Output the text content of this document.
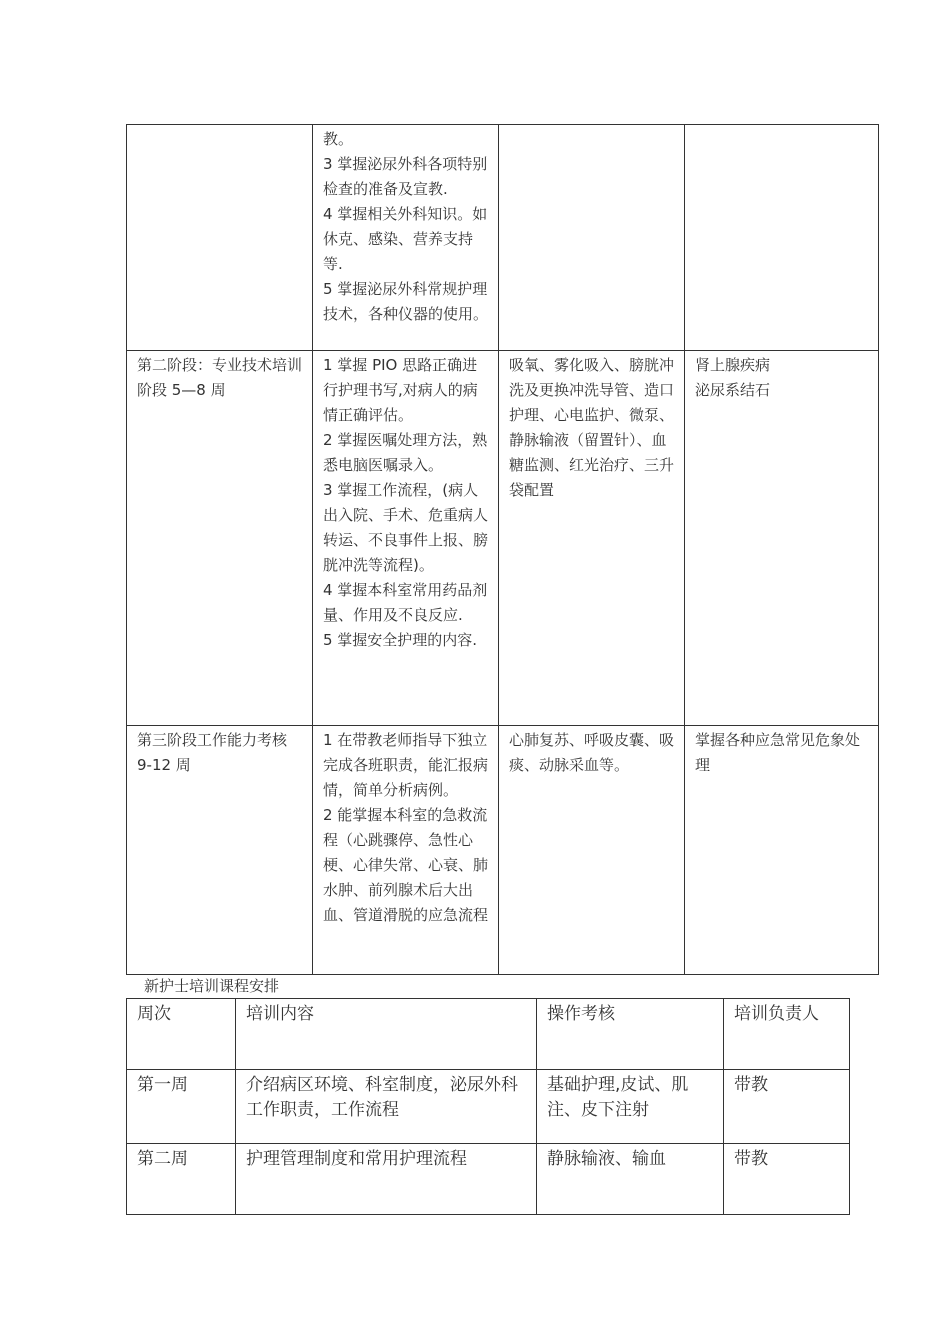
	教。
3 掌握泌尿外科各项特别检查的准备及宣教.
4 掌握相关外科知识。如休克、感染、营养支持等.
5 掌握泌尿外科常规护理技术，各种仪器的使用。		

第二阶段：专业技术培训阶段 5—8 周	1 掌握 PIO 思路正确进行护理书写,对病人的病情正确评估。
2 掌握医嘱处理方法，熟悉电脑医嘱录入。
3 掌握工作流程，(病人出入院、手术、危重病人转运、不良事件上报、膀胱冲洗等流程)。
4 掌握本科室常用药品剂量、作用及不良反应.
5 掌握安全护理的内容.	吸氧、雾化吸入、膀胱冲洗及更换冲洗导管、造口护理、心电监护、微泵、静脉输液（留置针）、血糖监测、红光治疗、三升袋配置	肾上腺疾病
泌尿系结石

第三阶段工作能力考核 9-12 周	1 在带教老师指导下独立完成各班职责，能汇报病情，简单分析病例。
2 能掌握本科室的急救流程（心跳骤停、急性心梗、心律失常、心衰、肺水肿、前列腺术后大出血、管道滑脱的应急流程	心肺复苏、呼吸皮囊、吸痰、动脉采血等。	掌握各种应急常见危象处理
新护士培训课程安排
周次	培训内容	操作考核	培训负责人
第一周	介绍病区环境、科室制度，泌尿外科工作职责，工作流程	基础护理,皮试、肌注、皮下注射	带教
第二周	护理管理制度和常用护理流程	静脉输液、输血	带教
